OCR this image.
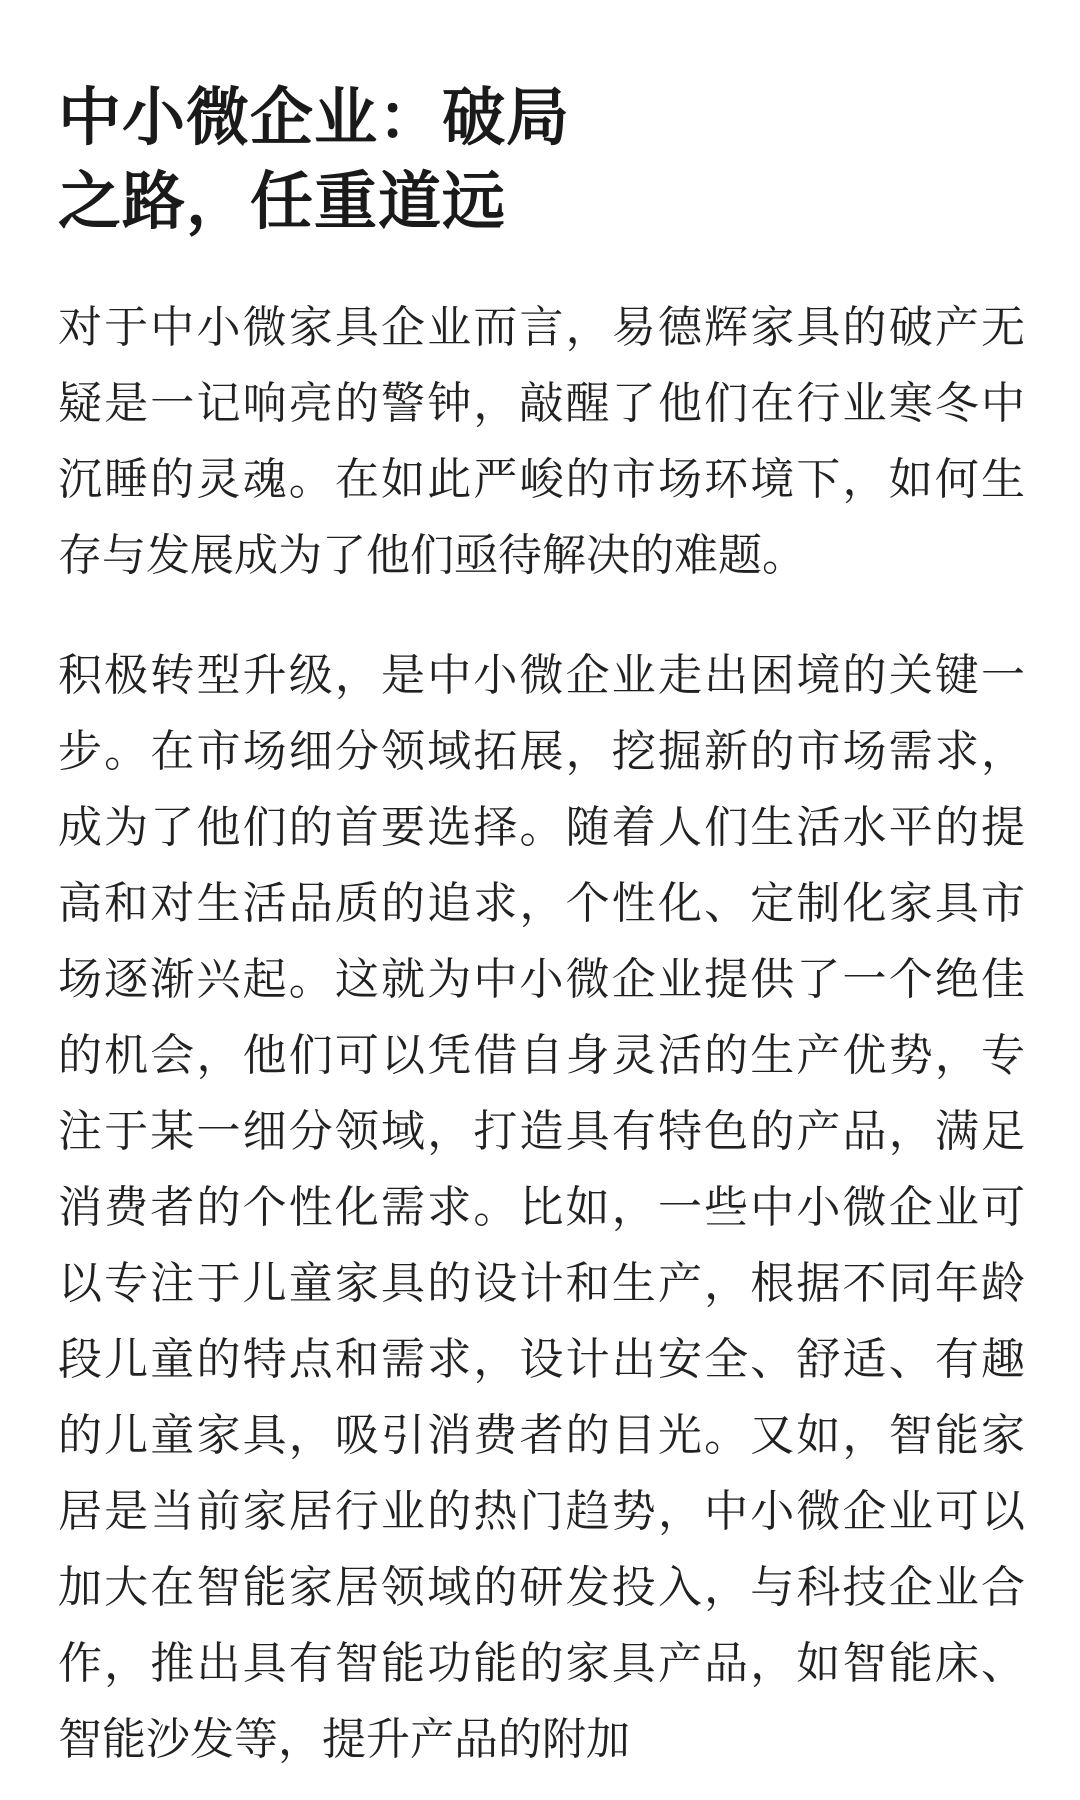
中小微企业：破局
之路，任重道远

对于中小微家具企业而言，易德辉家具的破产无疑是一记响亮的警钟，敲醒了他们在行业寒冬中沉睡的灵魂。在如此严峻的市场环境下，如何生存与发展成为了他们亟待解决的难题。

积极转型升级，是中小微企业走出困境的关键一步。在市场细分领域拓展，挖掘新的市场需求，成为了他们的首要选择。随着人们生活水平的提高和对生活品质的追求，个性化、定制化家具市场逐渐兴起。这就为中小微企业提供了一个绝佳的机会，他们可以凭借自身灵活的生产优势，专注于某一细分领域，打造具有特色的产品，满足消费者的个性化需求。比如，一些中小微企业可以专注于儿童家具的设计和生产，根据不同年龄段儿童的特点和需求，设计出安全、舒适、有趣的儿童家具，吸引消费者的目光。又如，智能家居是当前家居行业的热门趋势，中小微企业可以加大在智能家居领域的研发投入，与科技企业合作，推出具有智能功能的家具产品，如智能床、智能沙发等，提升产品的附加
